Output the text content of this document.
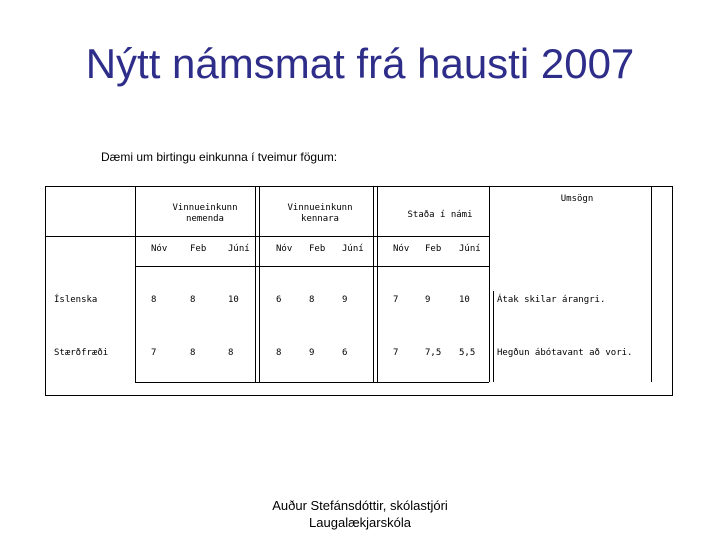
Nýtt námsmat frá hausti 2007
Dæmi um birtingu einkunna í tveimur fögum:
Vinnueinkunn nemenda
Vinnueinkunn kennara	Staða í námi
Umsögn
Nóv	Feb Júní	Nóv Feb Júní	Nóv Feb Júní
Íslenska	8	8	10	6	8	9	7	9	10	Átak skilar árangri.
Stærðfræði	7	8	8	8	9	6	7	7,5 5,5 Hegðun ábótavant að vori.
Auður Stefánsdóttir, skólastjóri
Laugalækjarskóla
